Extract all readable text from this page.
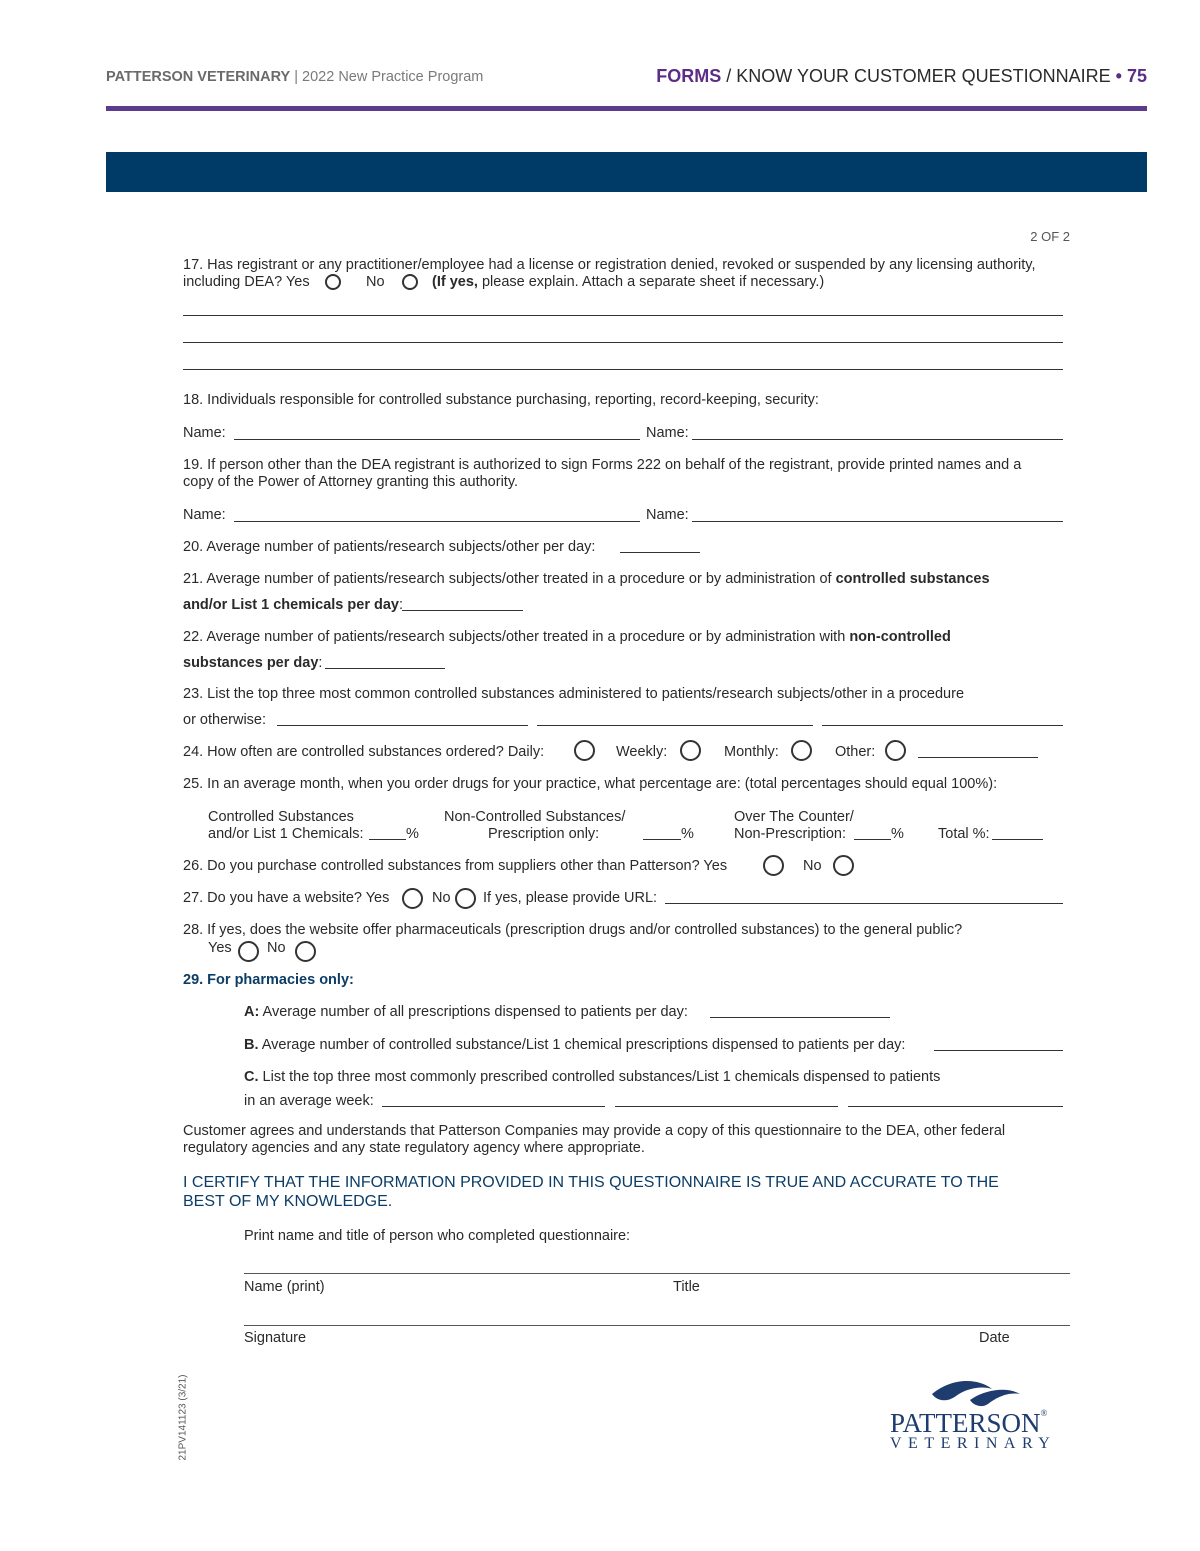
PATTERSON VETERINARY | 2022 New Practice Program	FORMS / KNOW YOUR CUSTOMER QUESTIONNAIRE • 75
2 OF 2
17. Has registrant or any practitioner/employee had a license or registration denied, revoked or suspended by any licensing authority,
including DEA? Yes	No	(If yes, please explain. Attach a separate sheet if necessary.)
18. Individuals responsible for controlled substance purchasing, reporting, record-keeping, security:
Name:	Name:
19. If person other than the DEA registrant is authorized to sign Forms 222 on behalf of the registrant, provide printed names and a
copy of the Power of Attorney granting this authority.
Name:	Name:
20. Average number of patients/research subjects/other per day:
21. Average number of patients/research subjects/other treated in a procedure or by administration of controlled substances
and/or List 1 chemicals per day:
22. Average number of patients/research subjects/other treated in a procedure or by administration with non-controlled
substances per day:
23. List the top three most common controlled substances administered to patients/research subjects/other in a procedure
or otherwise:
24. How often are controlled substances ordered? Daily:	Weekly:	Monthly:	Other:
25. In an average month, when you order drugs for your practice, what percentage are: (total percentages should equal 100%):
Controlled Substances
and/or List 1 Chemicals:	%
Non-Controlled Substances/
Prescription only:	%
Over The Counter/
Non-Prescription:	% Total %:
26. Do you purchase controlled substances from suppliers other than Patterson? Yes	No
27. Do you have a website? Yes	No If yes, please provide URL:
28. If yes, does the website offer pharmaceuticals (prescription drugs and/or controlled substances) to the general public?
Yes No
29. For pharmacies only:
A: Average number of all prescriptions dispensed to patients per day:
B. Average number of controlled substance/List 1 chemical prescriptions dispensed to patients per day:
C. List the top three most commonly prescribed controlled substances/List 1 chemicals dispensed to patients
in an average week:
Customer agrees and understands that Patterson Companies may provide a copy of this questionnaire to the DEA, other federal
regulatory agencies and any state regulatory agency where appropriate.
I CERTIFY THAT THE INFORMATION PROVIDED IN THIS QUESTIONNAIRE IS TRUE AND ACCURATE TO THE
BEST OF MY KNOWLEDGE.
Print name and title of person who completed questionnaire:
Name (print)	Title
Signature	Date
21PV141123 (3/21)	PATTERSON®
VETERINARY
